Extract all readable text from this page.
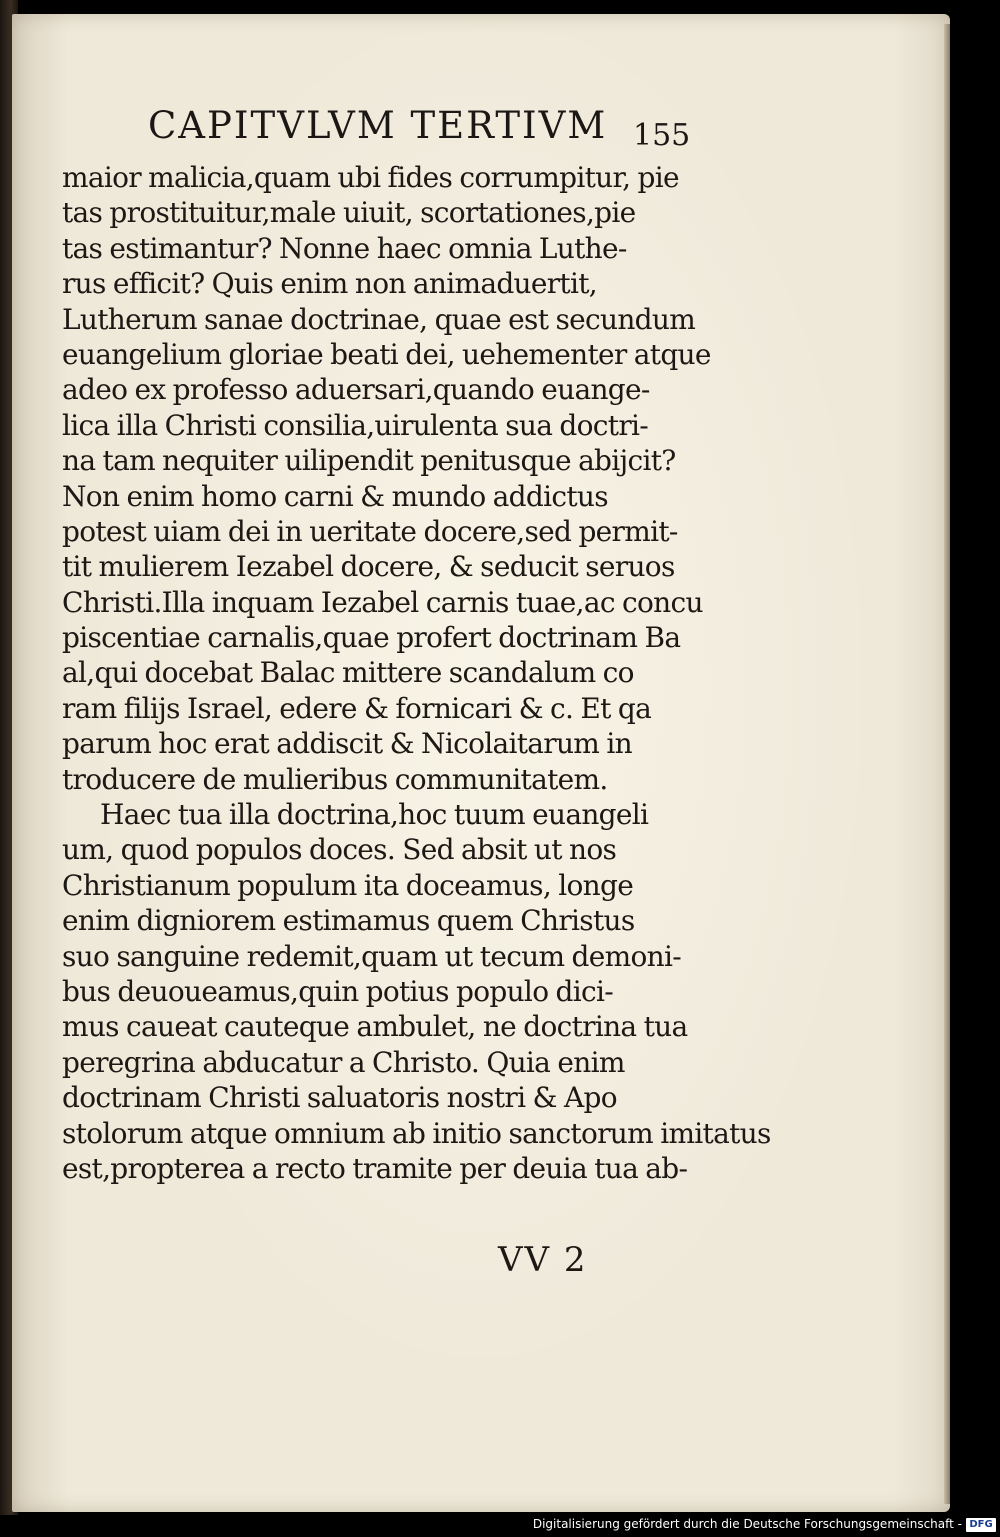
CAPITVLVM TERTIVM 155
maior malicia,quam ubi fides corrumpitur, pie
tas prostituitur,male uiuit, scortationes,pie
tas estimantur? Nonne haec omnia Luthe-
rus efficit? Quis enim non animaduertit,
Lutherum sanae doctrinae, quae est secundum
euangelium gloriae beati dei, uehementer atque
adeo ex professo aduersari,quando euange-
lica illa Christi consilia,uirulenta sua doctri-
na tam nequiter uilipendit penitusque abijcit?
Non enim homo carni & mundo addictus
potest uiam dei in ueritate docere,sed permit-
tit mulierem Iezabel docere, & seducit seruos
Christi.Illa inquam Iezabel carnis tuae,ac concu
piscentiae carnalis,quae profert doctrinam Ba
al,qui docebat Balac mittere scandalum co
ram filijs Israel, edere & fornicari & c. Et qa
parum hoc erat addiscit & Nicolaitarum in
troducere de mulieribus communitatem.
Haec tua illa doctrina,hoc tuum euangeli
um, quod populos doces. Sed absit ut nos
Christianum populum ita doceamus, longe
enim digniorem estimamus quem Christus
suo sanguine redemit,quam ut tecum demoni-
bus deuoueamus,quin potius populo dici-
mus caueat cauteque ambulet, ne doctrina tua
peregrina abducatur a Christo. Quia enim
doctrinam Christi saluatoris nostri & Apo
stolorum atque omnium ab initio sanctorum imitatus
est,propterea a recto tramite per deuia tua ab-
VV 2
Digitalisierung gefördert durch die Deutsche Forschungsgemeinschaft - DFG
